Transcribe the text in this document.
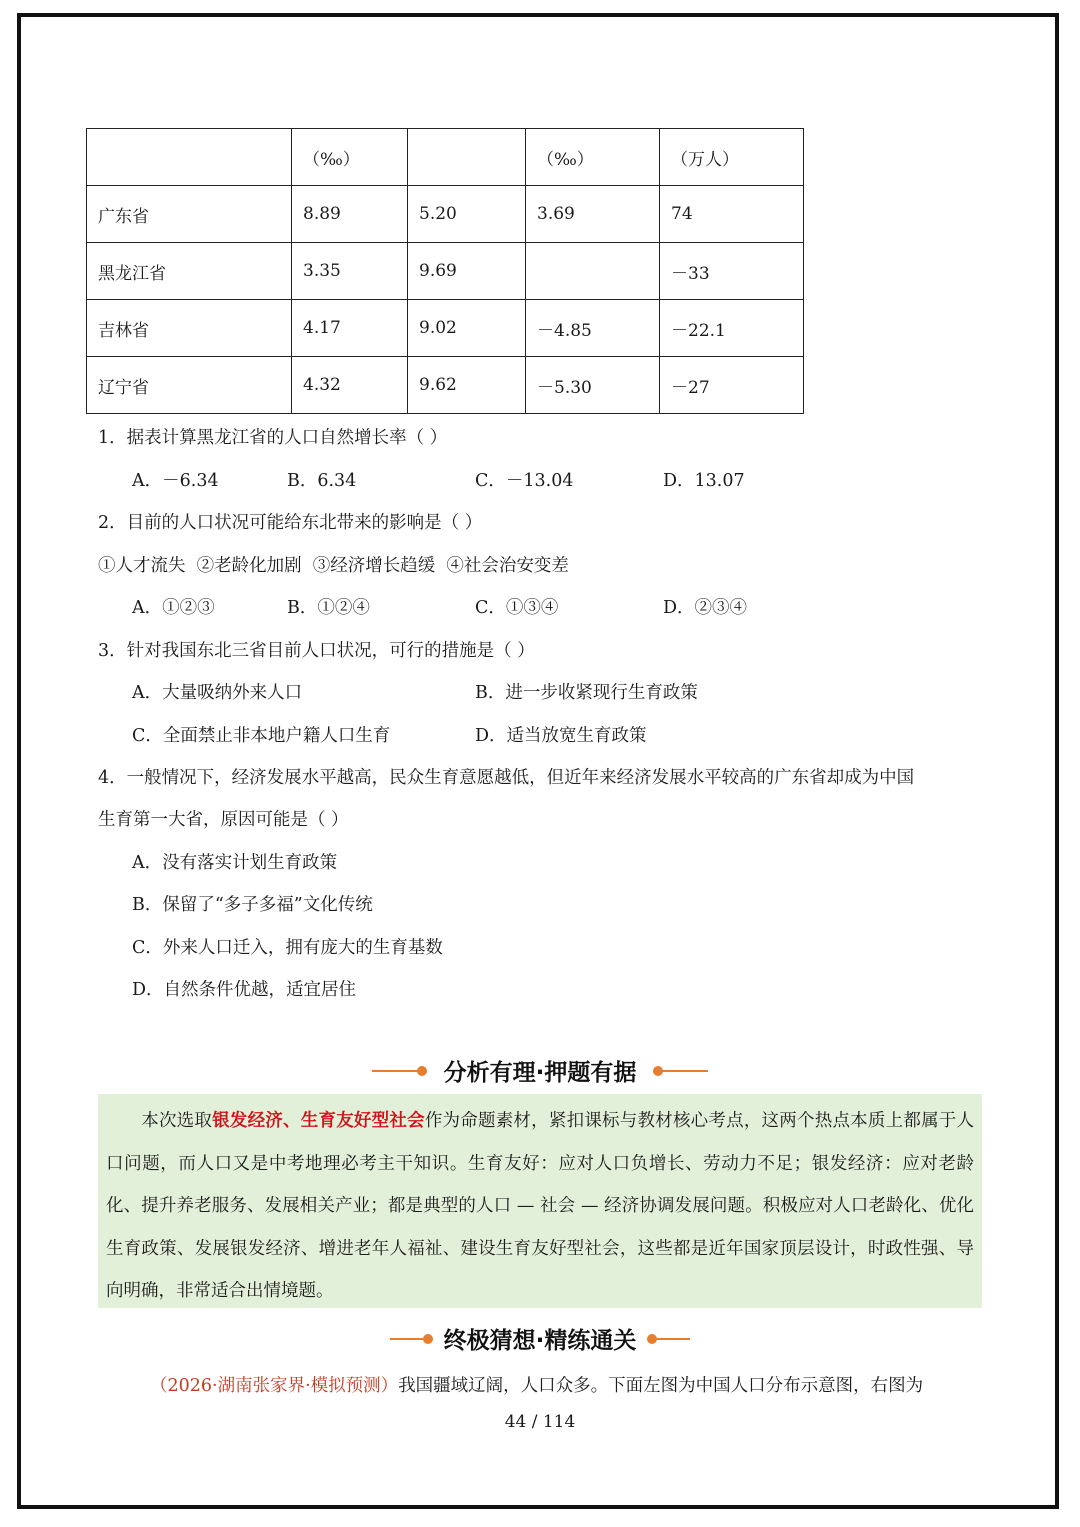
	（‰）		（‰）	（万人）
广东省	8.89	5.20	3.69	74
黑龙江省	3.35	9.69		－33
吉林省	4.17	9.02	－4.85	－22.1
辽宁省	4.32	9.62	－5.30	－27
1．据表计算黑龙江省的人口自然增长率（ ）
A．－6.34	B．6.34	C．－13.04	D．13.07
2．目前的人口状况可能给东北带来的影响是（ ）
①人才流失  ②老龄化加剧  ③经济增长趋缓  ④社会治安变差
A．①②③	B．①②④	C．①③④	D．②③④
3．针对我国东北三省目前人口状况，可行的措施是（ ）
A．大量吸纳外来人口	B．进一步收紧现行生育政策
C．全面禁止非本地户籍人口生育	D．适当放宽生育政策
4．一般情况下，经济发展水平越高，民众生育意愿越低，但近年来经济发展水平较高的广东省却成为中国
生育第一大省，原因可能是（ ）
A．没有落实计划生育政策
B．保留了“多子多福”文化传统
C．外来人口迁入，拥有庞大的生育基数
D．自然条件优越，适宜居住
分析有理·押题有据
本次选取银发经济、生育友好型社会作为命题素材，紧扣课标与教材核心考点，这两个热点本质上都属于人口问题，而人口又是中考地理必考主干知识。生育友好：应对人口负增长、劳动力不足；银发经济：应对老龄化、提升养老服务、发展相关产业；都是典型的人口 — 社会 — 经济协调发展问题。积极应对人口老龄化、优化生育政策、发展银发经济、增进老年人福祉、建设生育友好型社会，这些都是近年国家顶层设计，时政性强、导向明确，非常适合出情境题。
终极猜想·精练通关
（2026·湖南张家界·模拟预测）我国疆域辽阔，人口众多。下面左图为中国人口分布示意图，右图为
44 / 114
